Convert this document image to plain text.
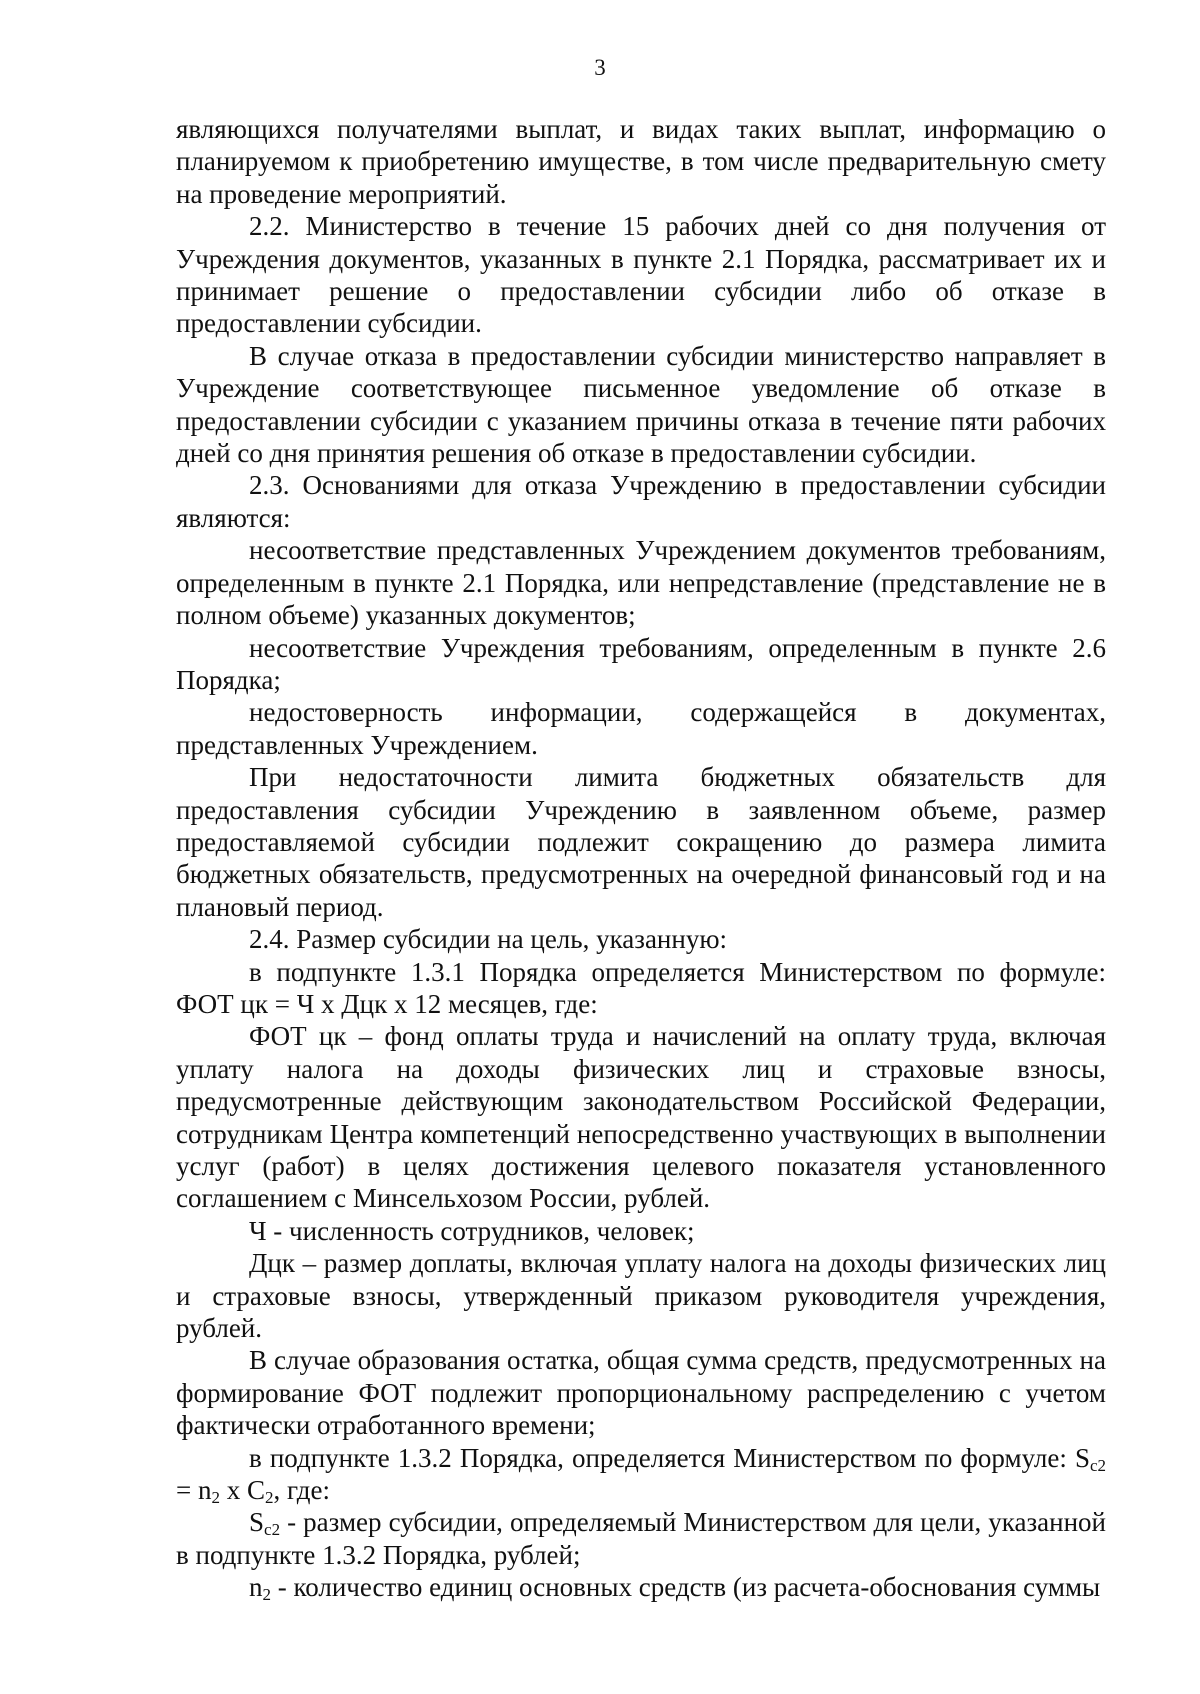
3

являющихся получателями выплат, и видах таких выплат, информацию о планируемом к приобретению имуществе, в том числе предварительную смету на проведение мероприятий.

2.2. Министерство в течение 15 рабочих дней со дня получения от Учреждения документов, указанных в пункте 2.1 Порядка, рассматривает их и принимает решение о предоставлении субсидии либо об отказе в предоставлении субсидии.

В случае отказа в предоставлении субсидии министерство направляет в Учреждение соответствующее письменное уведомление об отказе в предоставлении субсидии с указанием причины отказа в течение пяти рабочих дней со дня принятия решения об отказе в предоставлении субсидии.

2.3. Основаниями для отказа Учреждению в предоставлении субсидии являются:

несоответствие представленных Учреждением документов требованиям, определенным в пункте 2.1 Порядка, или непредставление (представление не в полном объеме) указанных документов;

несоответствие Учреждения требованиям, определенным в пункте 2.6 Порядка;

недостоверность информации, содержащейся в документах, представленных Учреждением.

При недостаточности лимита бюджетных обязательств для предоставления субсидии Учреждению в заявленном объеме, размер предоставляемой субсидии подлежит сокращению до размера лимита бюджетных обязательств, предусмотренных на очередной финансовый год и на плановый период.

2.4. Размер субсидии на цель, указанную:

в подпункте 1.3.1 Порядка определяется Министерством по формуле: ФОТ цк = Ч х Дцк х 12 месяцев, где:

ФОТ цк – фонд оплаты труда и начислений на оплату труда, включая уплату налога на доходы физических лиц и страховые взносы, предусмотренные действующим законодательством Российской Федерации, сотрудникам Центра компетенций непосредственно участвующих в выполнении услуг (работ) в целях достижения целевого показателя установленного соглашением с Минсельхозом России, рублей.

Ч - численность сотрудников, человек;

Дцк – размер доплаты, включая уплату налога на доходы физических лиц и страховые взносы, утвержденный приказом руководителя учреждения, рублей.

В случае образования остатка, общая сумма средств, предусмотренных на формирование ФОТ подлежит пропорциональному распределению с учетом фактически отработанного времени;

в подпункте 1.3.2 Порядка, определяется Министерством по формуле: $S_{c2} = n_2$ x $C_2$, где:

$S_{c2}$ - размер субсидии, определяемый Министерством для цели, указанной в подпункте 1.3.2 Порядка, рублей;

$n_2$ - количество единиц основных средств (из расчета-обоснования суммы
